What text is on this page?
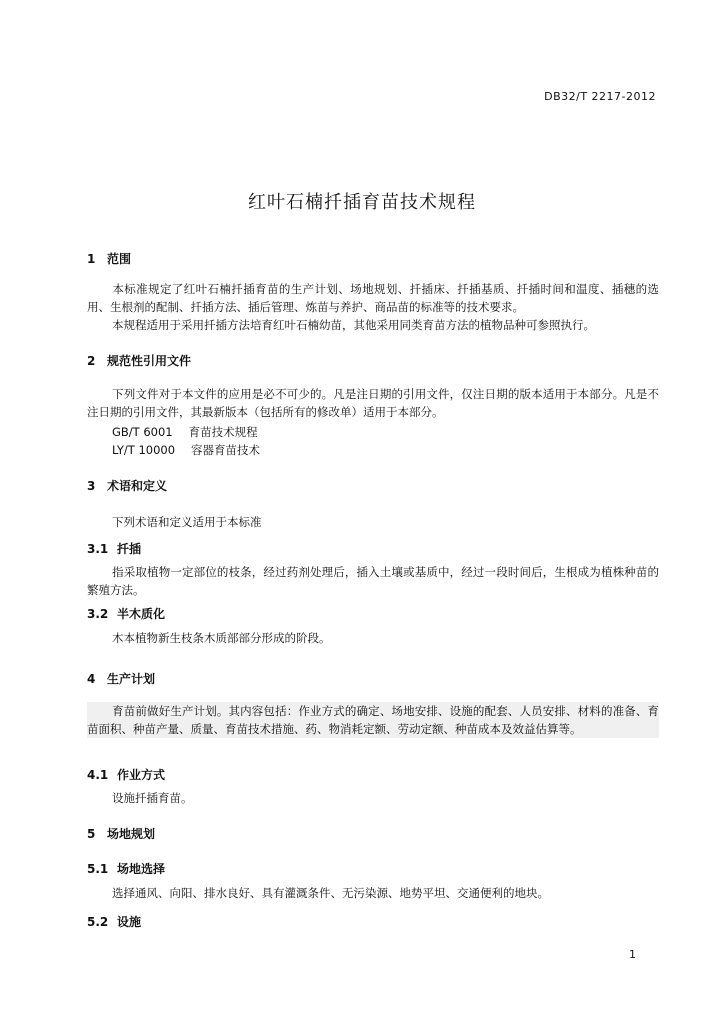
DB32/T 2217-2012
红叶石楠扦插育苗技术规程
1 范围
本标准规定了红叶石楠扦插育苗的生产计划、场地规划、扦插床、扦插基质、扦插时间和温度、插穗的选用、生根剂的配制、扦插方法、插后管理、炼苗与养护、商品苗的标准等的技术要求。
本规程适用于采用扦插方法培育红叶石楠幼苗，其他采用同类育苗方法的植物品种可参照执行。
2 规范性引用文件
下列文件对于本文件的应用是必不可少的。凡是注日期的引用文件，仅注日期的版本适用于本部分。凡是不注日期的引用文件，其最新版本（包括所有的修改单）适用于本部分。
GB/T 6001 育苗技术规程
LY/T 10000 容器育苗技术
3 术语和定义
下列术语和定义适用于本标准
3.1 扦插
指采取植物一定部位的枝条，经过药剂处理后，插入土壤或基质中，经过一段时间后，生根成为植株种苗的繁殖方法。
3.2 半木质化
木本植物新生枝条木质部部分形成的阶段。
4 生产计划
育苗前做好生产计划。其内容包括：作业方式的确定、场地安排、设施的配套、人员安排、材料的准备、育苗面积、种苗产量、质量、育苗技术措施、药、物消耗定额、劳动定额、种苗成本及效益估算等。
4.1 作业方式
设施扦插育苗。
5 场地规划
5.1 场地选择
选择通风、向阳、排水良好、具有灌溉条件、无污染源、地势平坦、交通便利的地块。
5.2 设施
1
